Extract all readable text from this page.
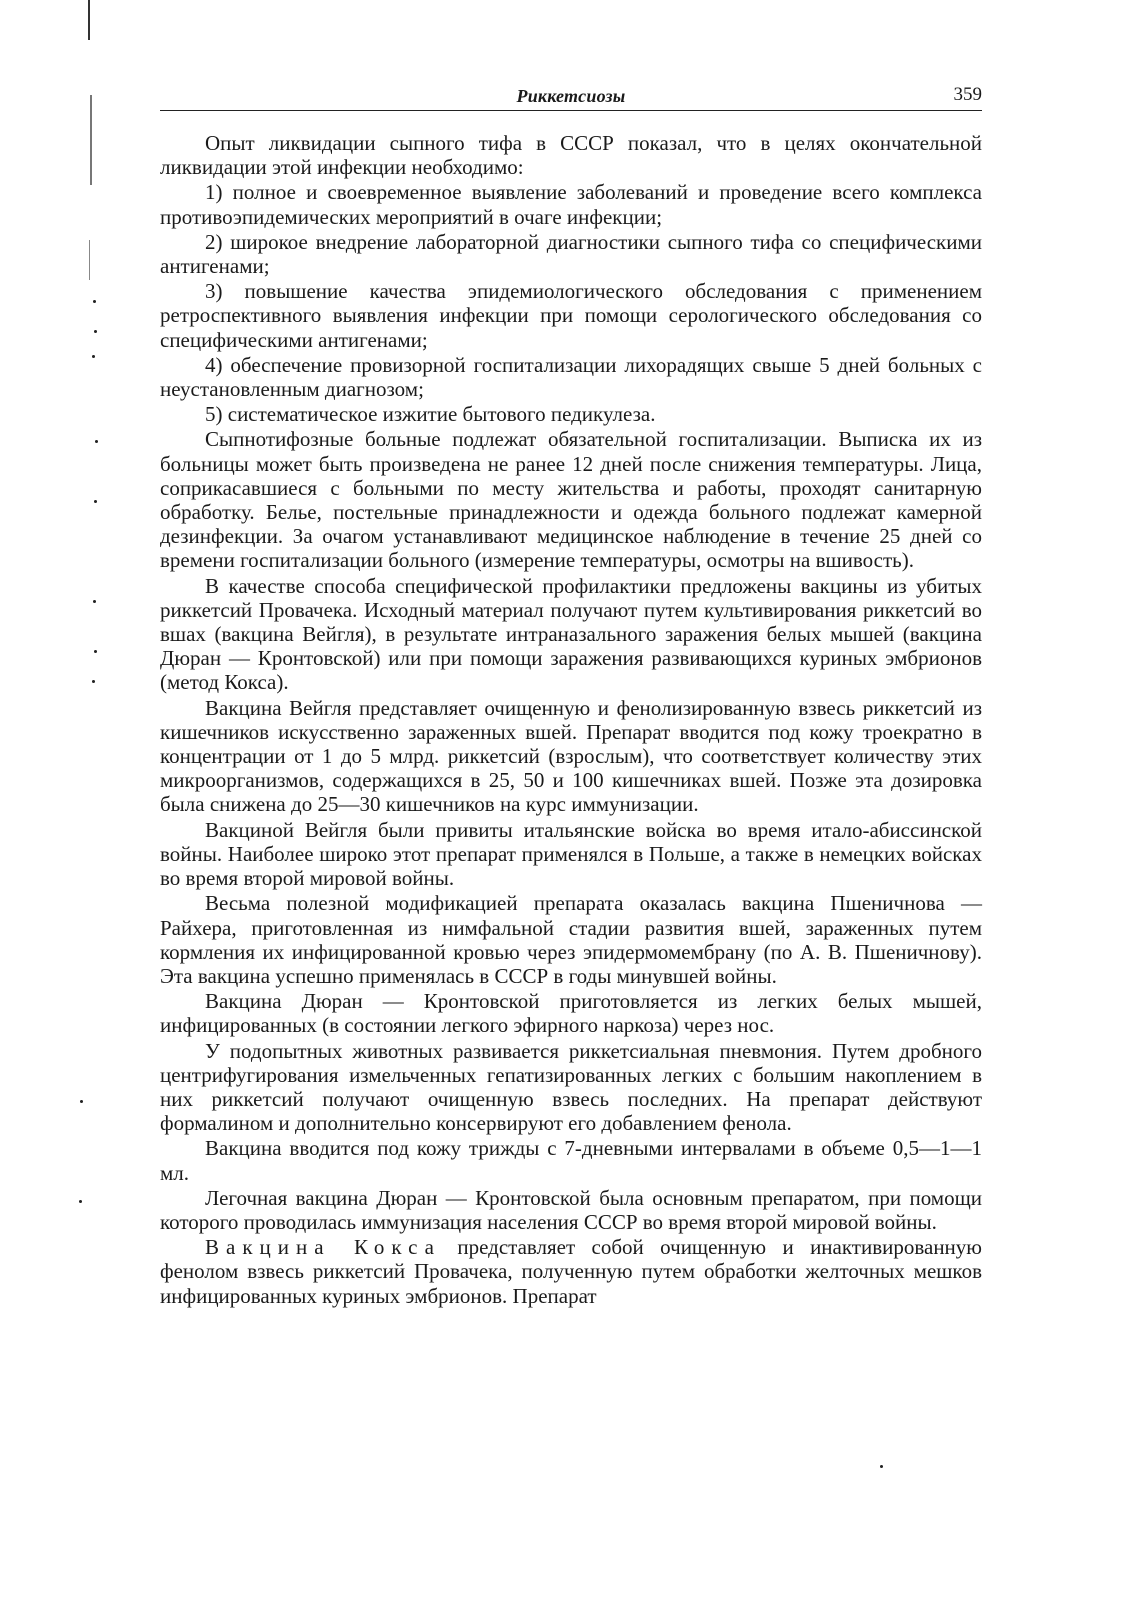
Риккетсиозы	359

Опыт ликвидации сыпного тифа в СССР показал, что в целях окончательной ликвидации этой инфекции необходимо:

1) полное и своевременное выявление заболеваний и проведение всего комплекса противоэпидемических мероприятий в очаге инфекции;

2) широкое внедрение лабораторной диагностики сыпного тифа со специфическими антигенами;

3) повышение качества эпидемиологического обследования с применением ретроспективного выявления инфекции при помощи серологического обследования со специфическими антигенами;

4) обеспечение провизорной госпитализации лихорадящих свыше 5 дней больных с неустановленным диагнозом;

5) систематическое изжитие бытового педикулеза.

Сыпнотифозные больные подлежат обязательной госпитализации. Выписка их из больницы может быть произведена не ранее 12 дней после снижения температуры. Лица, соприкасавшиеся с больными по месту жительства и работы, проходят санитарную обработку. Белье, постельные принадлежности и одежда больного подлежат камерной дезинфекции. За очагом устанавливают медицинское наблюдение в течение 25 дней со времени госпитализации больного (измерение температуры, осмотры на вшивость).

В качестве способа специфической профилактики предложены вакцины из убитых риккетсий Провачека. Исходный материал получают путем культивирования риккетсий во вшах (вакцина Вейгля), в результате интраназального заражения белых мышей (вакцина Дюран — Кронтовской) или при помощи заражения развивающихся куриных эмбрионов (метод Кокса).

Вакцина Вейгля представляет очищенную и фенолизированную взвесь риккетсий из кишечников искусственно зараженных вшей. Препарат вводится под кожу троекратно в концентрации от 1 до 5 млрд. риккетсий (взрослым), что соответствует количеству этих микроорганизмов, содержащихся в 25, 50 и 100 кишечниках вшей. Позже эта дозировка была снижена до 25—30 кишечников на курс иммунизации.

Вакциной Вейгля были привиты итальянские войска во время итало-абиссинской войны. Наиболее широко этот препарат применялся в Польше, а также в немецких войсках во время второй мировой войны.

Весьма полезной модификацией препарата оказалась вакцина Пшеничнова — Райхера, приготовленная из нимфальной стадии развития вшей, зараженных путем кормления их инфицированной кровью через эпидермомембрану (по А. В. Пшеничнову). Эта вакцина успешно применялась в СССР в годы минувшей войны.

Вакцина Дюран — Кронтовской приготовляется из легких белых мышей, инфицированных (в состоянии легкого эфирного наркоза) через нос.

У подопытных животных развивается риккетсиальная пневмония. Путем дробного центрифугирования измельченных гепатизированных легких с большим накоплением в них риккетсий получают очищенную взвесь последних. На препарат действуют формалином и дополнительно консервируют его добавлением фенола.

Вакцина вводится под кожу трижды с 7-дневными интервалами в объеме 0,5—1—1 мл.

Легочная вакцина Дюран — Кронтовской была основным препаратом, при помощи которого проводилась иммунизация населения СССР во время второй мировой войны.

Вакцина Кокса представляет собой очищенную и инактивированную фенолом взвесь риккетсий Провачека, полученную путем обработки желточных мешков инфицированных куриных эмбрионов. Препарат
